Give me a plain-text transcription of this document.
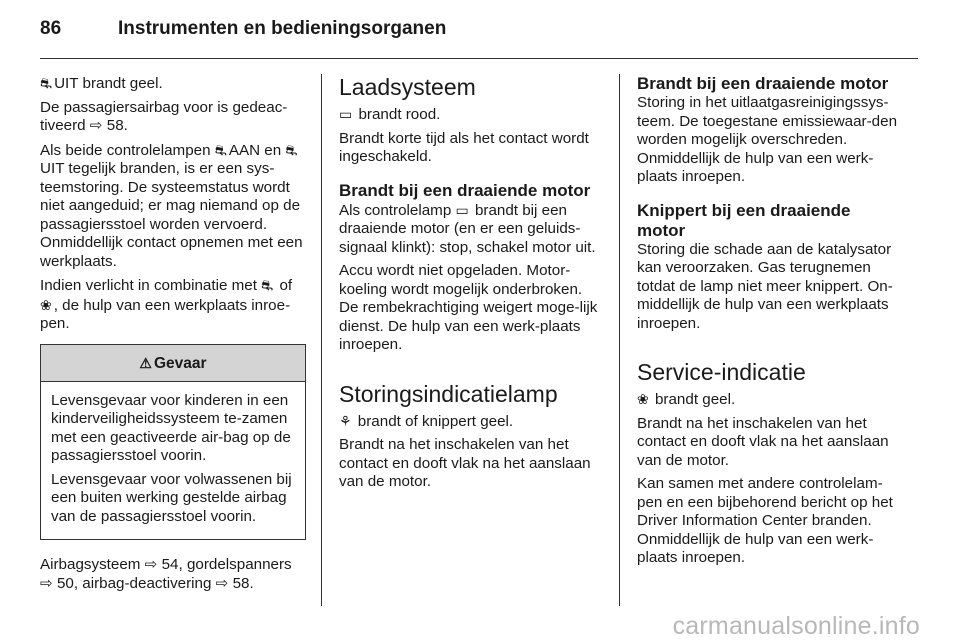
86	Instrumenten en bedieningsorganen

⛐ UIT brandt geel.

De passagiersairbag voor is gedeac-tiveerd ⇨ 58.

Als beide controlelampen ⛐ AAN en ⛐UIT tegelijk branden, is er een sys-teemstoring. De systeemstatus wordt niet aangeduid; er mag niemand op de passagiersstoel worden vervoerd. Onmiddellijk contact opnemen met een werkplaats.

Indien verlicht in combinatie met ⛐ of ❀ , de hulp van een werkplaats inroe-pen.

⚠ Gevaar

Levensgevaar voor kinderen in een kinderveiligheidssysteem te-zamen met een geactiveerde air-bag op de passagiersstoel voorin.

Levensgevaar voor volwassenen bij een buiten werking gestelde airbag van de passagiersstoel voorin.

Airbagsysteem ⇨ 54, gordelspanners ⇨ 50, airbag-deactivering ⇨ 58.

Laadsysteem

▭ brandt rood.

Brandt korte tijd als het contact wordt ingeschakeld.

Brandt bij een draaiende motor

Als controlelamp ▭ brandt bij een draaiende motor (en er een geluids-signaal klinkt): stop, schakel motor uit.

Accu wordt niet opgeladen. Motor-koeling wordt mogelijk onderbroken. De rembekrachtiging weigert moge-lijk dienst. De hulp van een werk-plaats inroepen.

Storingsindicatielamp

⚘ brandt of knippert geel.

Brandt na het inschakelen van het contact en dooft vlak na het aanslaan van de motor.

Brandt bij een draaiende motor

Storing in het uitlaatgasreinigingssys-teem. De toegestane emissiewaar-den worden mogelijk overschreden. Onmiddellijk de hulp van een werk-plaats inroepen.

Knippert bij een draaiende motor

Storing die schade aan de katalysator kan veroorzaken. Gas terugnemen totdat de lamp niet meer knippert. On-middellijk de hulp van een werkplaats inroepen.

Service-indicatie

❀ brandt geel.

Brandt na het inschakelen van het contact en dooft vlak na het aanslaan van de motor.

Kan samen met andere controlelam-pen en een bijbehorend bericht op het Driver Information Center branden. Onmiddellijk de hulp van een werk-plaats inroepen.

carmanualsonline.info
